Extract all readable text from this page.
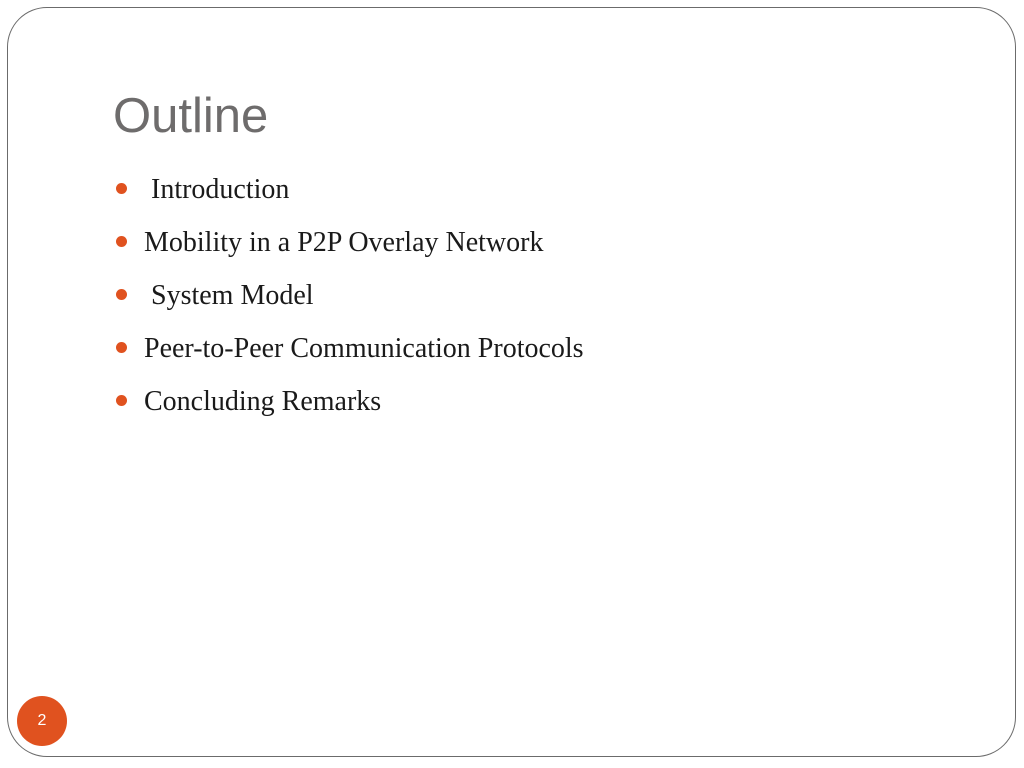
Outline
Introduction
Mobility in a P2P Overlay Network
System Model
Peer-to-Peer Communication Protocols
Concluding Remarks
2
